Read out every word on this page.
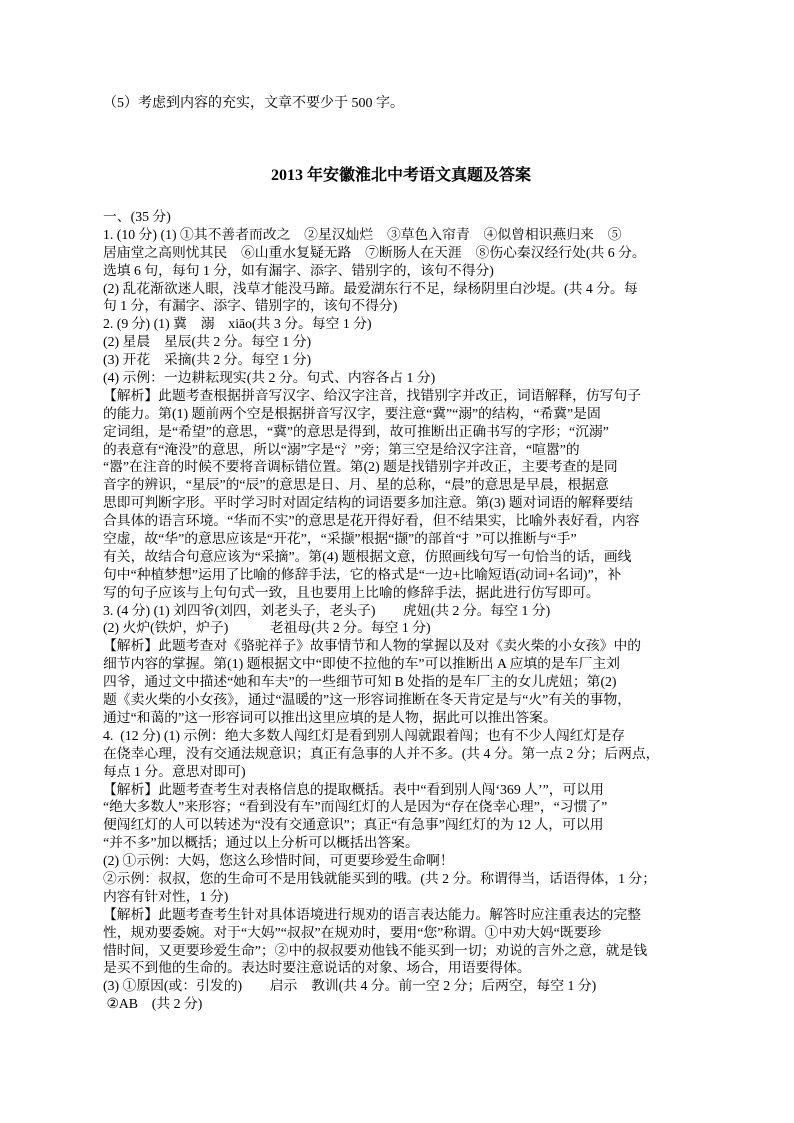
（5）考虑到内容的充实，文章不要少于 500 字。
2013 年安徽淮北中考语文真题及答案
一、(35 分)
1. (10 分) (1) ①其不善者而改之　②星汉灿烂　③草色入帘青　④似曾相识燕归来　⑤
居庙堂之高则忧其民　⑥山重水复疑无路　⑦断肠人在天涯　⑧伤心秦汉经行处(共 6 分。
选填 6 句，每句 1 分，如有漏字、添字、错别字的，该句不得分)
(2) 乱花渐欲迷人眼，浅草才能没马蹄。最爱湖东行不足，绿杨阴里白沙堤。(共 4 分。每
句 1 分，有漏字、添字、错别字的，该句不得分)
2. (9 分) (1) 冀　溺　xiāo(共 3 分。每空 1 分)
(2) 星晨　星辰(共 2 分。每空 1 分)
(3) 开花　采摘(共 2 分。每空 1 分)
(4) 示例：一边耕耘现实(共 2 分。句式、内容各占 1 分)
【解析】此题考查根据拼音写汉字、给汉字注音，找错别字并改正，词语解释，仿写句子
的能力。第(1) 题前两个空是根据拼音写汉字，要注意“冀”“溺”的结构，“希冀”是固
定词组，是“希望”的意思，“冀”的意思是得到，故可推断出正确书写的字形；“沉溺”
的表意有“淹没”的意思，所以“溺”字是“氵”旁；第三空是给汉字注音，“喧嚣”的
“嚣”在注音的时候不要将音调标错位置。第(2) 题是找错别字并改正，主要考查的是同
音字的辨识，“星辰”的“辰”的意思是日、月、星的总称，“晨”的意思是早晨，根据意
思即可判断字形。平时学习时对固定结构的词语要多加注意。第(3) 题对词语的解释要结
合具体的语言环境。“华而不实”的意思是花开得好看，但不结果实，比喻外表好看，内容
空虚，故“华”的意思应该是“开花”，“采撷”根据“撷”的部首“扌”可以推断与“手”
有关，故结合句意应该为“采摘”。第(4) 题根据文意，仿照画线句写一句恰当的话，画线
句中“种植梦想”运用了比喻的修辞手法，它的格式是“一边+比喻短语(动词+名词)”，补
写的句子应该与上句句式一致，且也要用上比喻的修辞手法，据此进行仿写即可。
3. (4 分) (1) 刘四爷(刘四，刘老头子，老头子)　　虎妞(共 2 分。每空 1 分)
(2) 火炉(铁炉，炉子)　　　老祖母(共 2 分。每空 1 分)
【解析】此题考查对《骆驼祥子》故事情节和人物的掌握以及对《卖火柴的小女孩》中的
细节内容的掌握。第(1) 题根据文中“即使不拉他的车”可以推断出 A 应填的是车厂主刘
四爷，通过文中描述“她和车夫”的一些细节可知 B 处指的是车厂主的女儿虎妞；第(2)
题《卖火柴的小女孩》，通过“温暖的”这一形容词推断在冬天肯定是与“火”有关的事物，
通过“和蔼的”这一形容词可以推出这里应填的是人物，据此可以推出答案。
4.  (12 分) (1) 示例：绝大多数人闯红灯是看到别人闯就跟着闯；也有不少人闯红灯是存
在侥幸心理，没有交通法规意识；真正有急事的人并不多。(共 4 分。第一点 2 分；后两点，
每点 1 分。意思对即可)
【解析】此题考查考生对表格信息的提取概括。表中“看到别人闯‘369 人’”，可以用
“绝大多数人”来形容；“看到没有车”而闯红灯的人是因为“存在侥幸心理”，“习惯了”
便闯红灯的人可以转述为“没有交通意识”；真正“有急事”闯红灯的为 12 人，可以用
“并不多”加以概括；通过以上分析可以概括出答案。
(2) ①示例：大妈，您这么珍惜时间，可更要珍爱生命啊！
②示例：叔叔，您的生命可不是用钱就能买到的哦。(共 2 分。称谓得当，话语得体，1 分；
内容有针对性，1 分)
【解析】此题考查考生针对具体语境进行规劝的语言表达能力。解答时应注重表达的完整
性，规劝要委婉。对于“大妈”“叔叔”在规劝时，要用“您”称谓。①中劝大妈“既要珍
惜时间，又更要珍爱生命”；②中的叔叔要劝他钱不能买到一切；劝说的言外之意，就是钱
是买不到他的生命的。表达时要注意说话的对象、场合，用语要得体。
(3) ①原因(或：引发的)　　启示　教训(共 4 分。前一空 2 分；后两空，每空 1 分)
②AB　(共 2 分)
